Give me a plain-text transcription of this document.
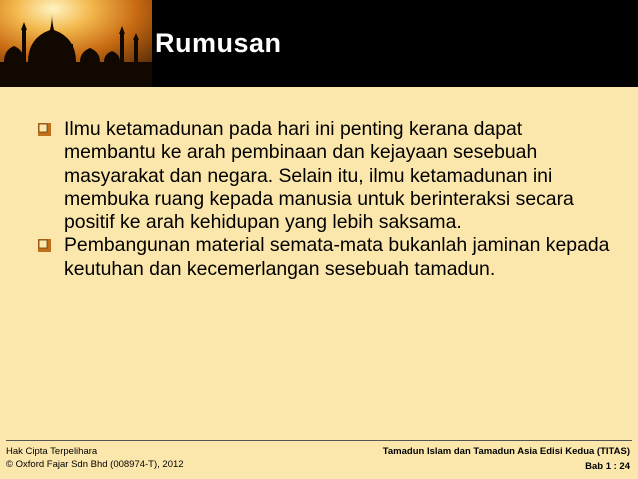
Rumusan
Ilmu ketamadunan pada hari ini penting kerana dapat membantu ke arah pembinaan dan kejayaan sesebuah masyarakat dan negara. Selain itu, ilmu ketamadunan ini membuka ruang kepada manusia untuk berinteraksi secara positif ke arah kehidupan yang lebih saksama.
Pembangunan material semata-mata bukanlah jaminan kepada keutuhan dan kecemerlangan sesebuah tamadun.
Hak Cipta Terpelihara
© Oxford Fajar Sdn Bhd (008974-T), 2012
Tamadun Islam dan Tamadun Asia Edisi Kedua (TITAS)
Bab 1 : 24
